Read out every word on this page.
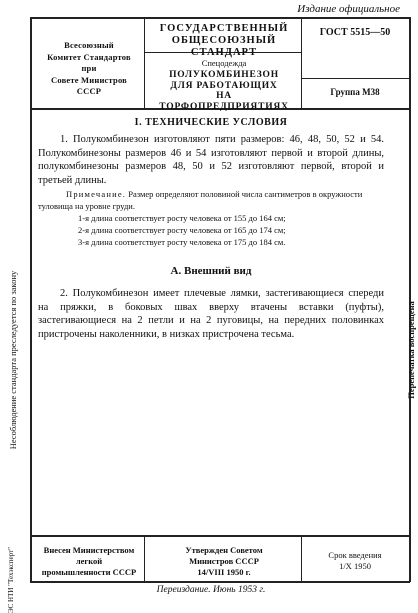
Издание официальное
Всесоюзный
Комитет Стандартов
при
Совете Министров
СССР
ГОСУДАРСТВЕННЫЙ
ОБЩЕСОЮЗНЫЙ СТАНДАРТ
ГОСТ 5515—50
Спецодежда
ПОЛУКОМБИНЕЗОН
ДЛЯ РАБОТАЮЩИХ
НА ТОРФОПРЕДПРИЯТИЯХ
Группа М38
Несоблюдение стандарта преследуется по закону	Перепечатка воспрещена
ЭС НТИ "Техэксперт"
I. ТЕХНИЧЕСКИЕ УСЛОВИЯ
1. Полукомбинезон изготовляют пяти размеров: 46, 48, 50, 52 и 54. Полукомбинезоны размеров 46 и 54 изготовляют первой и второй длины, полукомбинезоны размеров 48, 50 и 52 изготовляют первой, второй и третьей длины.
Примечание. Размер определяют половиной числа сантиметров в окружности туловища на уровне груди.
1-я длина соответствует росту человека от 155 до 164 см;
2-я длина соответствует росту человека от 165 до 174 см;
3-я длина соответствует росту человека от 175 до 184 см.
А. Внешний вид
2. Полукомбинезон имеет плечевые лямки, застегивающиеся спереди на пряжки, в боковых швах вверху втачены вставки (пуфты), застегивающиеся на 2 петли и на 2 пуговицы, на передних половинках пристрочены наколенники, в низках пристрочена тесьма.
Внесен Министерством
легкой
промышленности СССР
Утвержден Советом
Министров СССР
14/VIII 1950 г.
Срок введения
1/X 1950
Переиздание. Июнь 1953 г.
